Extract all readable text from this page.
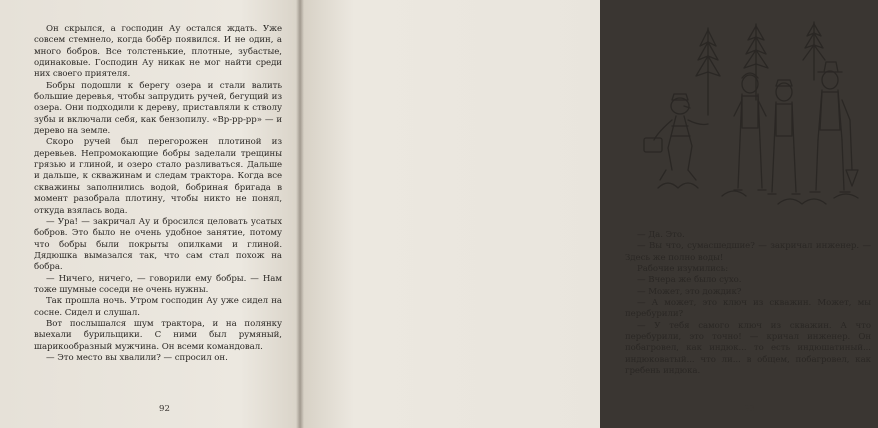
Он скрылся, а господин Ау остался ждать. Уже совсем стемнело, когда бобёр появился. И не один, а много бобров. Все толстенькие, плотные, зубастые, одинаковые. Господин Ау никак не мог найти среди них своего приятеля.

Бобры подошли к берегу озера и стали валить большие деревья, чтобы запрудить ручей, бегущий из озера. Они подходили к дереву, приставляли к стволу зубы и включали себя, как бензопилу. «Вр-рр-рр» — и дерево на земле.

Скоро ручей был перегорожен плотиной из деревьев. Непромокающие бобры заделали трещины грязью и глиной, и озеро стало разливаться. Дальше и дальше, к скважинам и следам трактора. Когда все скважины заполнились водой, бобриная бригада в момент разобрала плотину, чтобы никто не понял, откуда взялась вода.

— Ура! — закричал Ау и бросился целовать усатых бобров. Это было не очень удобное занятие, потому что бобры были покрыты опилками и глиной. Дядюшка вымазался так, что сам стал похож на бобра.

— Ничего, ничего, — говорили ему бобры. — Нам тоже шумные соседи не очень нужны.

Так прошла ночь. Утром господин Ау уже сидел на сосне. Сидел и слушал.

Вот послышался шум трактора, и на полянку выехали бурильщики. С ними был румяный, шарикообразный мужчина. Он всеми командовал.

— Это место вы хвалили? — спросил он.

92

— Да. Это.

— Вы что, сумасшедшие? — закричал инженер. — Здесь же полно воды!

Рабочие изумились:

— Вчера же было сухо.

— Может, это дождик?

— А может, это ключ из скважин. Может, мы перебурили?

— У тебя самого ключ из скважин. А что перебурили, это точно! — кричал инженер. Он побагровел, как индюк... то есть индюшатиный... индюковатый... что ли... в общем, побагровел, как гребень индюка.

93
